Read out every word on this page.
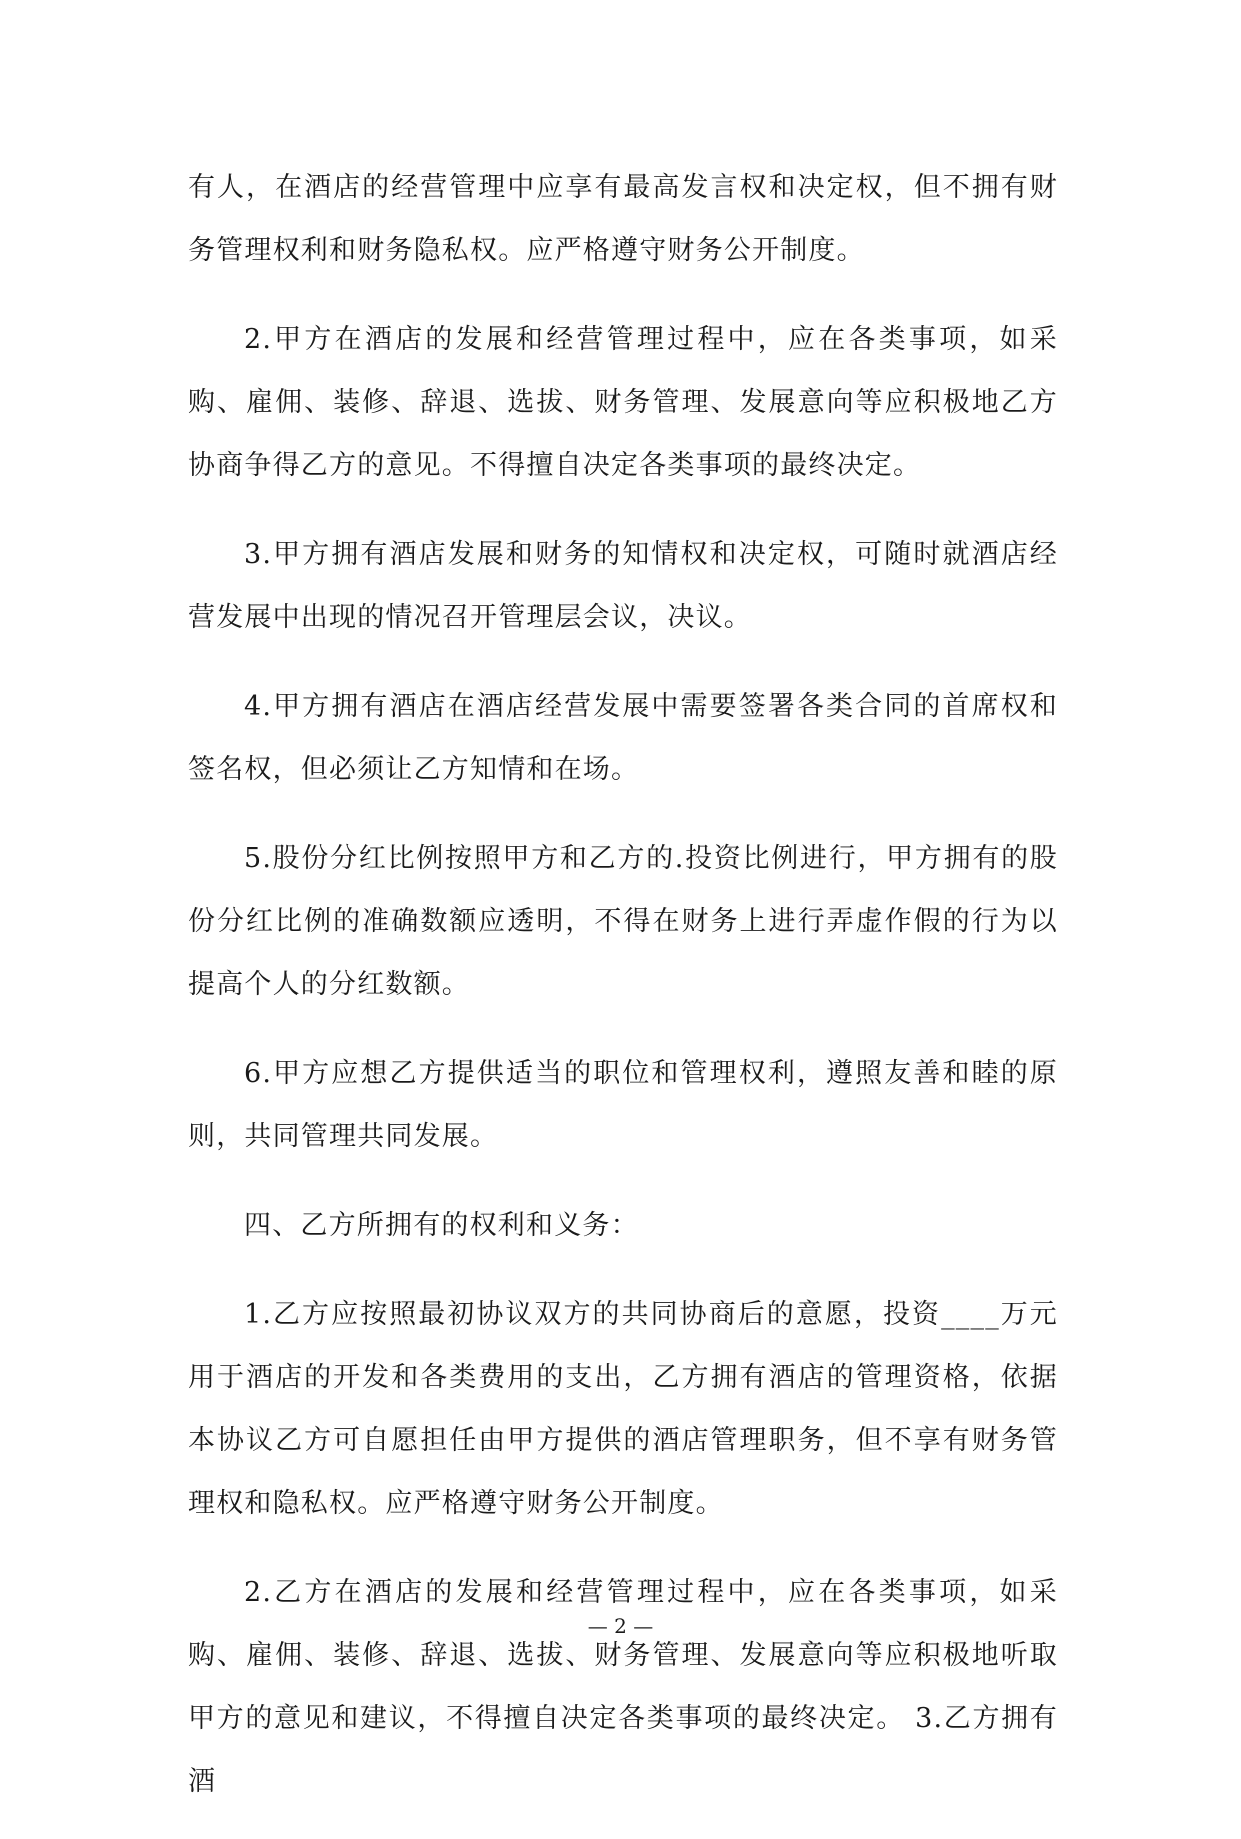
有人，在酒店的经营管理中应享有最高发言权和决定权，但不拥有财务管理权利和财务隐私权。应严格遵守财务公开制度。

2.甲方在酒店的发展和经营管理过程中，应在各类事项，如采购、雇佣、装修、辞退、选拔、财务管理、发展意向等应积极地乙方协商争得乙方的意见。不得擅自决定各类事项的最终决定。

3.甲方拥有酒店发展和财务的知情权和决定权，可随时就酒店经营发展中出现的情况召开管理层会议，决议。

4.甲方拥有酒店在酒店经营发展中需要签署各类合同的首席权和签名权，但必须让乙方知情和在场。

5.股份分红比例按照甲方和乙方的.投资比例进行，甲方拥有的股份分红比例的准确数额应透明，不得在财务上进行弄虚作假的行为以提高个人的分红数额。

6.甲方应想乙方提供适当的职位和管理权利，遵照友善和睦的原则，共同管理共同发展。

四、乙方所拥有的权利和义务：

1.乙方应按照最初协议双方的共同协商后的意愿，投资____万元用于酒店的开发和各类费用的支出，乙方拥有酒店的管理资格，依据本协议乙方可自愿担任由甲方提供的酒店管理职务，但不享有财务管理权和隐私权。应严格遵守财务公开制度。

2.乙方在酒店的发展和经营管理过程中，应在各类事项，如采购、雇佣、装修、辞退、选拔、财务管理、发展意向等应积极地听取甲方的意见和建议，不得擅自决定各类事项的最终决定。 3.乙方拥有酒

— 2 —
